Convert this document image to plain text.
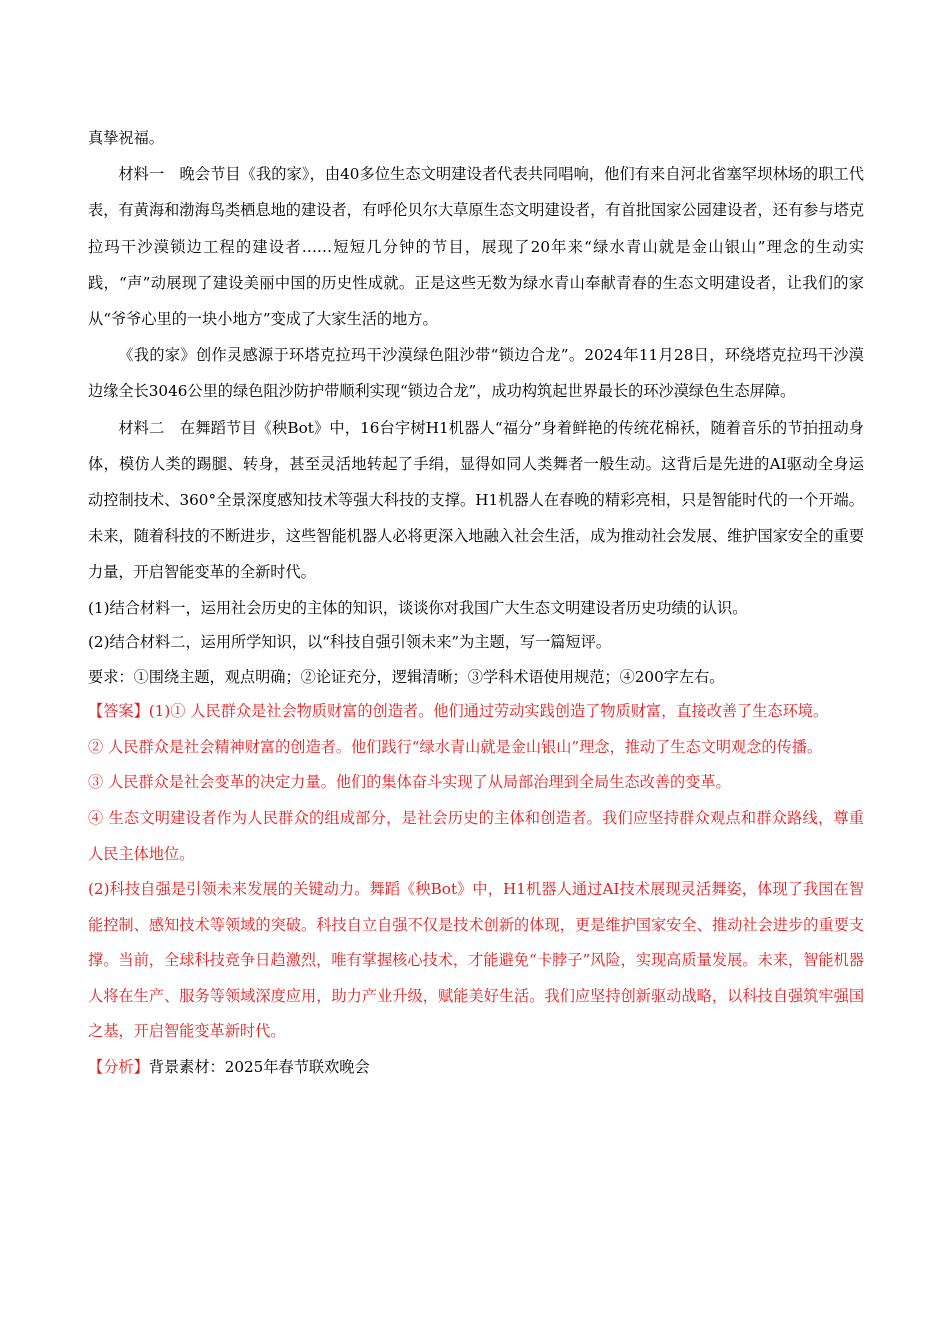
真挚祝福。

材料一　晚会节目《我的家》，由40多位生态文明建设者代表共同唱响，他们有来自河北省塞罕坝林场的职工代表，有黄海和渤海鸟类栖息地的建设者，有呼伦贝尔大草原生态文明建设者，有首批国家公园建设者，还有参与塔克拉玛干沙漠锁边工程的建设者……短短几分钟的节目，展现了20年来“绿水青山就是金山银山”理念的生动实践，“声”动展现了建设美丽中国的历史性成就。正是这些无数为绿水青山奉献青春的生态文明建设者，让我们的家从“爷爷心里的一块小地方”变成了大家生活的地方。

《我的家》创作灵感源于环塔克拉玛干沙漠绿色阻沙带“锁边合龙”。2024年11月28日，环绕塔克拉玛干沙漠边缘全长3046公里的绿色阻沙防护带顺利实现“锁边合龙”，成功构筑起世界最长的环沙漠绿色生态屏障。

材料二　在舞蹈节目《秧Bot》中，16台宇树H1机器人“福分”身着鲜艳的传统花棉袄，随着音乐的节拍扭动身体，模仿人类的踢腿、转身，甚至灵活地转起了手绢，显得如同人类舞者一般生动。这背后是先进的AI驱动全身运动控制技术、360°全景深度感知技术等强大科技的支撑。H1机器人在春晚的精彩亮相，只是智能时代的一个开端。未来，随着科技的不断进步，这些智能机器人必将更深入地融入社会生活，成为推动社会发展、维护国家安全的重要力量，开启智能变革的全新时代。

(1)结合材料一，运用社会历史的主体的知识，谈谈你对我国广大生态文明建设者历史功绩的认识。

(2)结合材料二，运用所学知识，以“科技自强引领未来”为主题，写一篇短评。

要求：①围绕主题，观点明确；②论证充分，逻辑清晰；③学科术语使用规范；④200字左右。

【答案】(1)① 人民群众是社会物质财富的创造者。他们通过劳动实践创造了物质财富，直接改善了生态环境。

② 人民群众是社会精神财富的创造者。他们践行“绿水青山就是金山银山”理念，推动了生态文明观念的传播。

③ 人民群众是社会变革的决定力量。他们的集体奋斗实现了从局部治理到全局生态改善的变革。

④ 生态文明建设者作为人民群众的组成部分，是社会历史的主体和创造者。我们应坚持群众观点和群众路线，尊重人民主体地位。

(2)科技自强是引领未来发展的关键动力。舞蹈《秧Bot》中，H1机器人通过AI技术展现灵活舞姿，体现了我国在智能控制、感知技术等领域的突破。科技自立自强不仅是技术创新的体现，更是维护国家安全、推动社会进步的重要支撑。当前，全球科技竞争日趋激烈，唯有掌握核心技术，才能避免“卡脖子”风险，实现高质量发展。未来，智能机器人将在生产、服务等领域深度应用，助力产业升级，赋能美好生活。我们应坚持创新驱动战略，以科技自强筑牢强国之基，开启智能变革新时代。

【分析】背景素材：2025年春节联欢晚会
